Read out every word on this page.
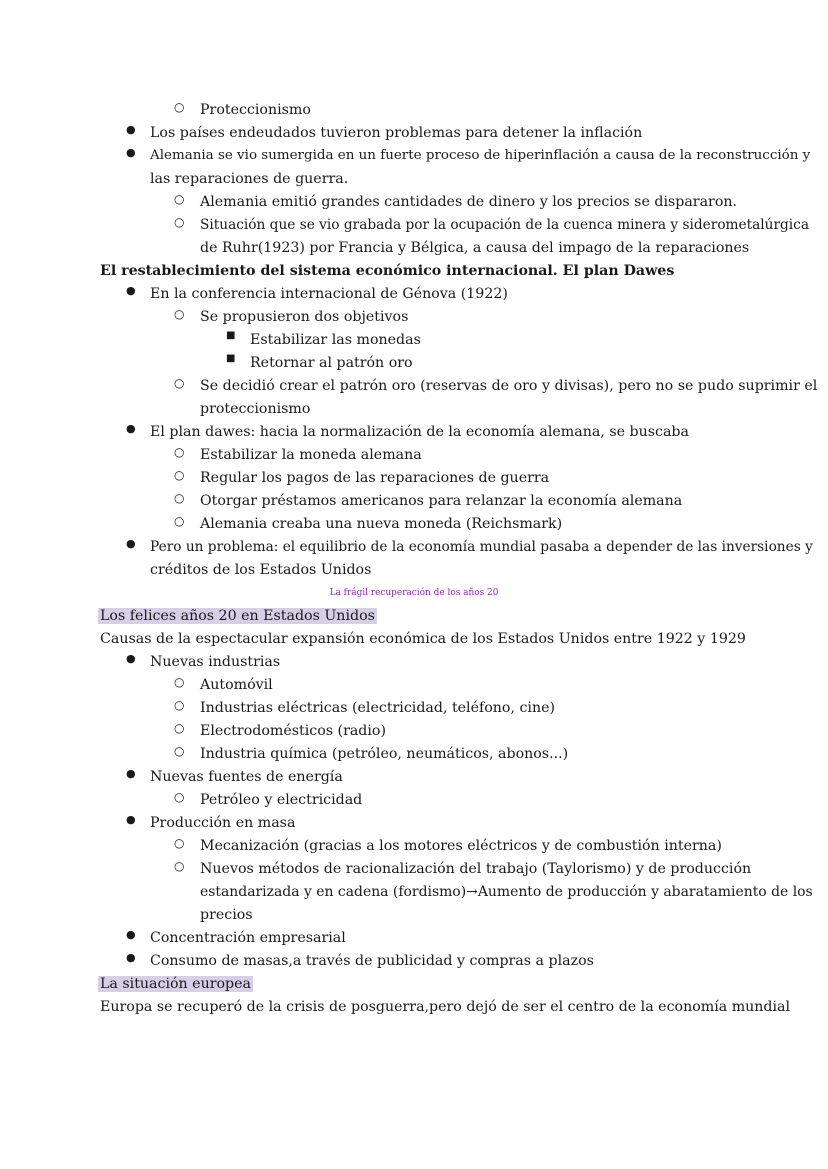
○ Proteccionismo
● Los países endeudados tuvieron problemas para detener la inflación
● Alemania se vio sumergida en un fuerte proceso de hiperinflación a causa de la reconstrucción y
las reparaciones de guerra.
○ Alemania emitió grandes cantidades de dinero y los precios se dispararon.
○ Situación que se vio grabada por la ocupación de la cuenca minera y siderometalúrgica
de Ruhr(1923) por Francia y Bélgica, a causa del impago de la reparaciones
El restablecimiento del sistema económico internacional. El plan Dawes
● En la conferencia internacional de Génova (1922)
○ Se propusieron dos objetivos
■ Estabilizar las monedas
■ Retornar al patrón oro
○ Se decidió crear el patrón oro (reservas de oro y divisas), pero no se pudo suprimir el
proteccionismo
● El plan dawes: hacia la normalización de la economía alemana, se buscaba
○ Estabilizar la moneda alemana
○ Regular los pagos de las reparaciones de guerra
○ Otorgar préstamos americanos para relanzar la economía alemana
○ Alemania creaba una nueva moneda (Reichsmark)
● Pero un problema: el equilibrio de la economía mundial pasaba a depender de las inversiones y
créditos de los Estados Unidos
La frágil recuperación de los años 20
Los felices años 20 en Estados Unidos
Causas de la espectacular expansión económica de los Estados Unidos entre 1922 y 1929
● Nuevas industrias
○ Automóvil
○ Industrias eléctricas (electricidad, teléfono, cine)
○ Electrodomésticos (radio)
○ Industria química (petróleo, neumáticos, abonos...)
● Nuevas fuentes de energía
○ Petróleo y electricidad
● Producción en masa
○ Mecanización (gracias a los motores eléctricos y de combustión interna)
○ Nuevos métodos de racionalización del trabajo (Taylorismo) y de producción
estandarizada y en cadena (fordismo)→Aumento de producción y abaratamiento de los
precios
● Concentración empresarial
● Consumo de masas,a través de publicidad y compras a plazos
La situación europea
Europa se recuperó de la crisis de posguerra,pero dejó de ser el centro de la economía mundial
